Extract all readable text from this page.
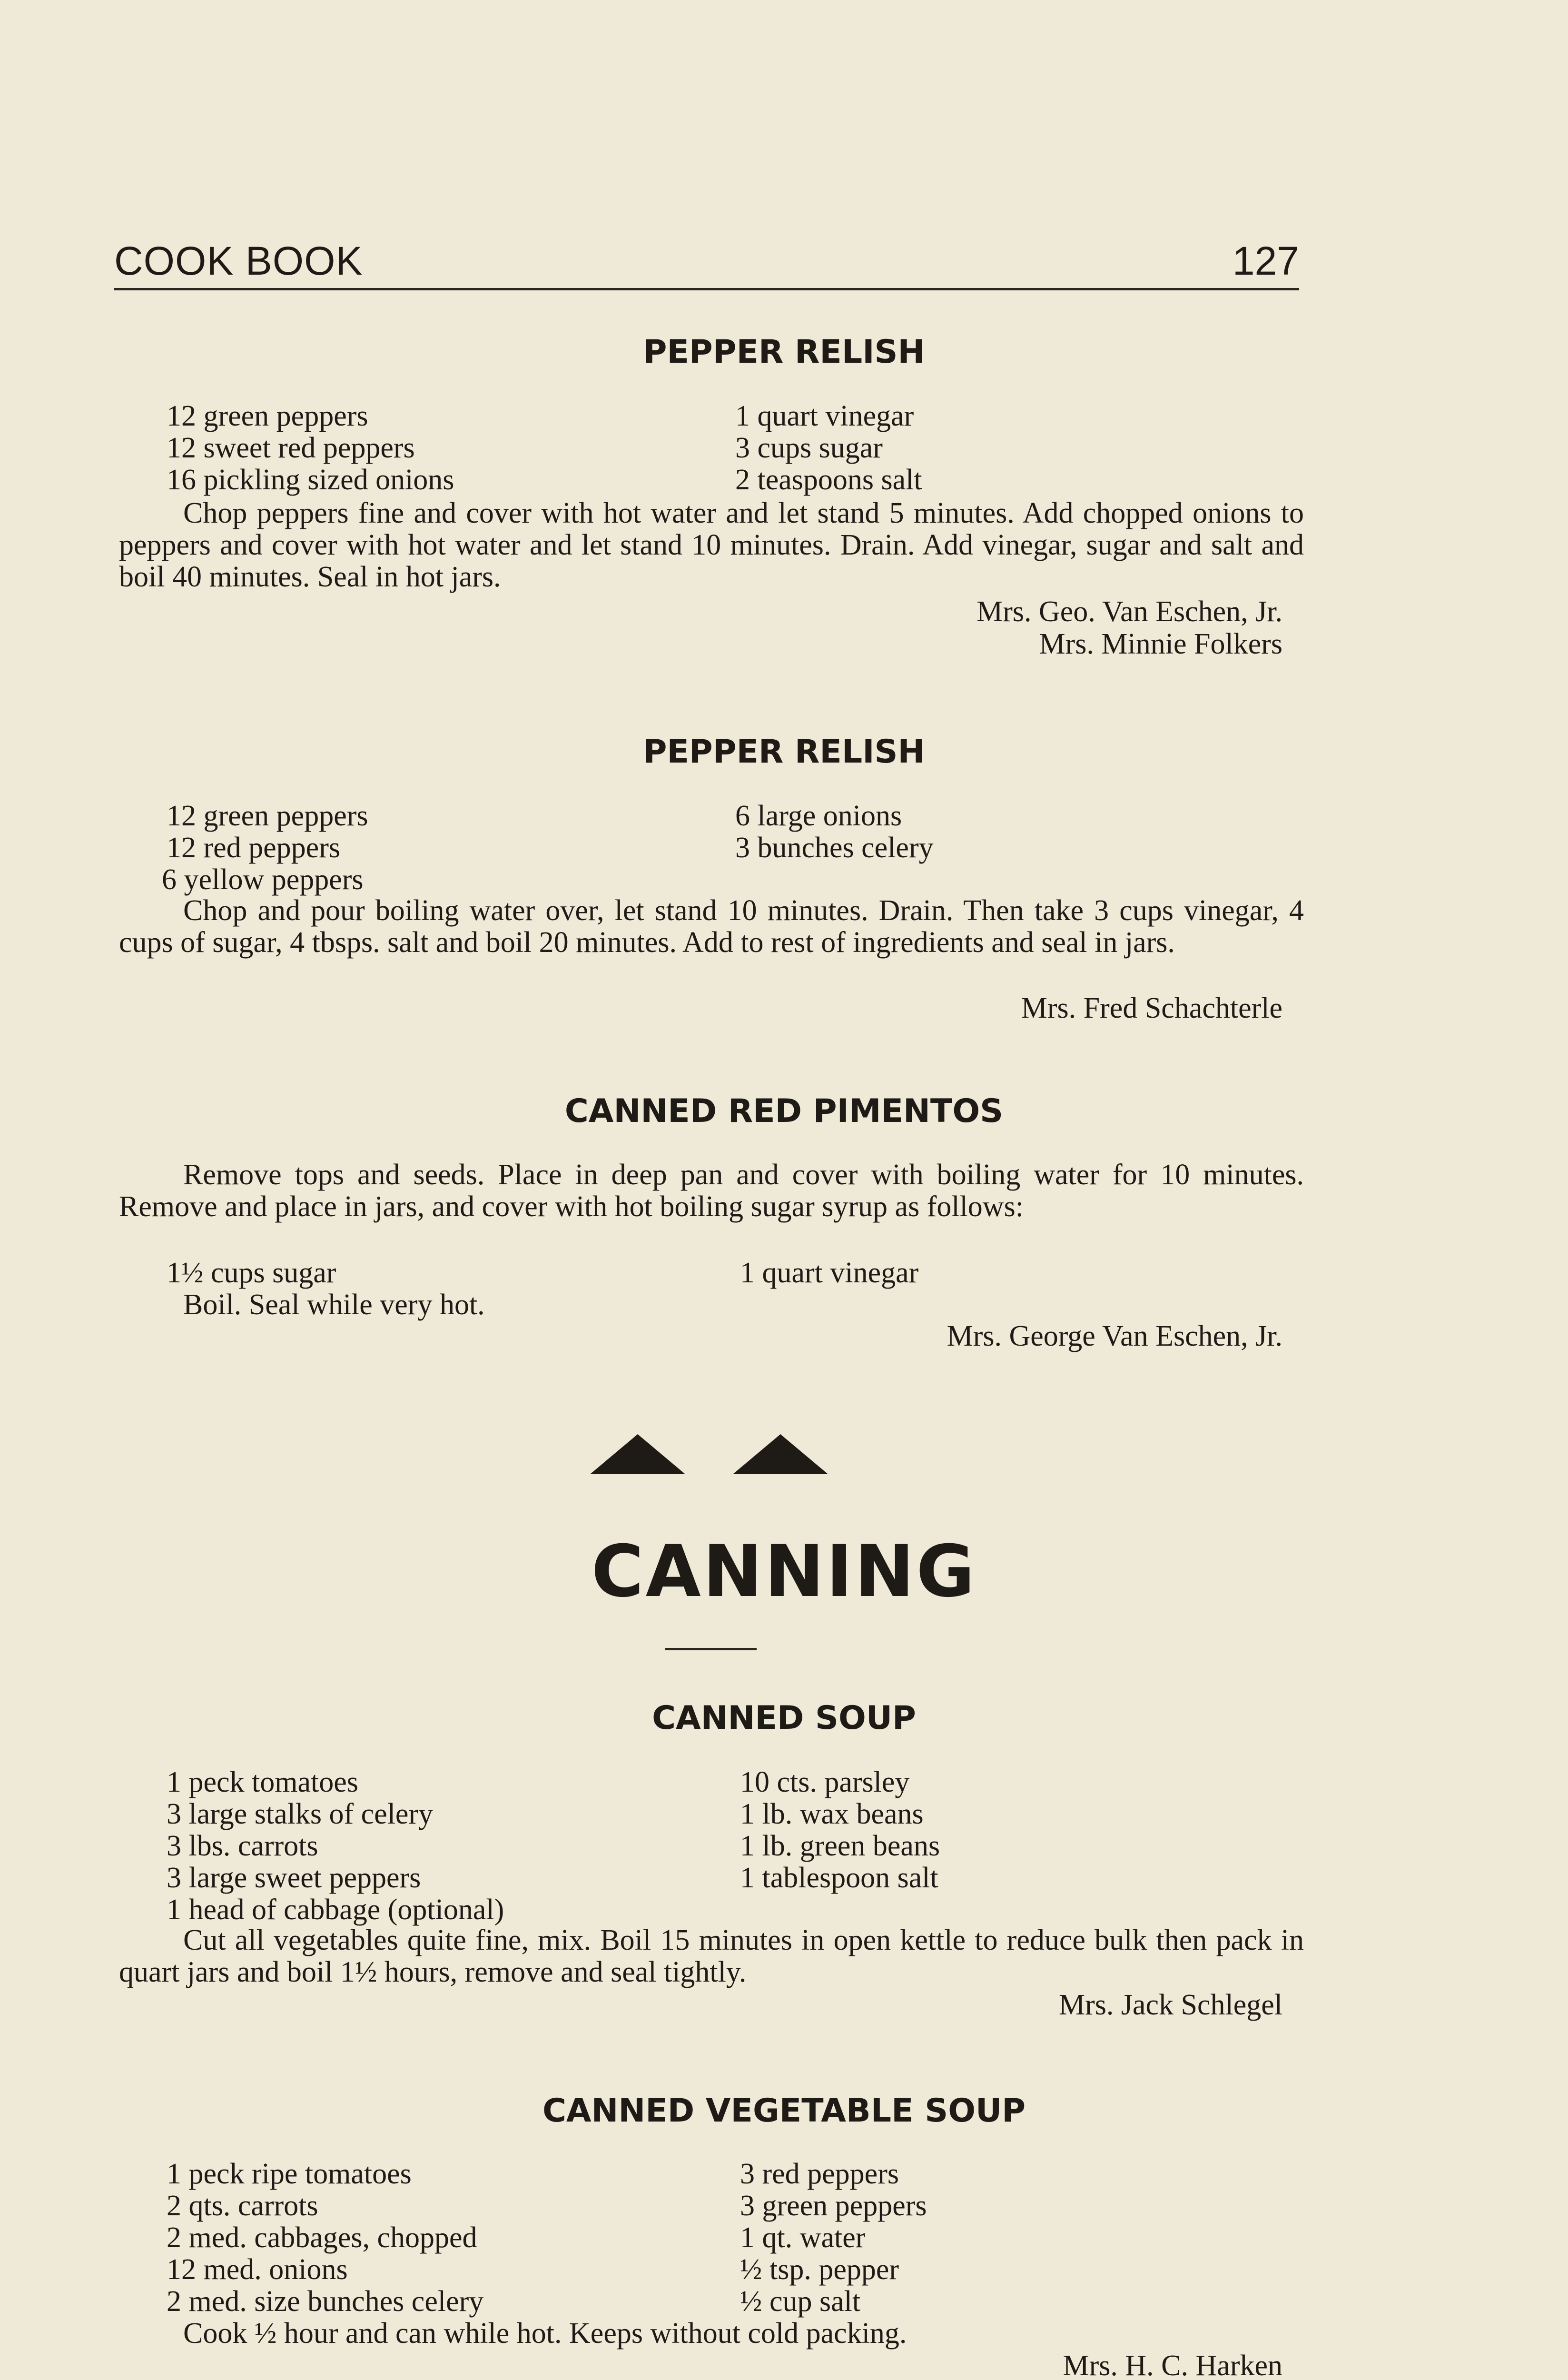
COOK BOOK	127
PEPPER RELISH
12 green peppers
12 sweet red peppers
16 pickling sized onions
1 quart vinegar
3 cups sugar
2 teaspoons salt
Chop peppers fine and cover with hot water and let stand 5 minutes. Add chopped onions to peppers and cover with hot water and let stand 10 minutes. Drain. Add vinegar, sugar and salt and boil 40 minutes. Seal in hot jars.
Mrs. Geo. Van Eschen, Jr.
Mrs. Minnie Folkers
PEPPER RELISH
12 green peppers
12 red peppers
6 yellow peppers
6 large onions
3 bunches celery
Chop and pour boiling water over, let stand 10 minutes. Drain. Then take 3 cups vinegar, 4 cups of sugar, 4 tbsps. salt and boil 20 minutes. Add to rest of ingredients and seal in jars.
Mrs. Fred Schachterle
CANNED RED PIMENTOS
Remove tops and seeds. Place in deep pan and cover with boiling water for 10 minutes. Remove and place in jars, and cover with hot boiling sugar syrup as follows:
1½ cups sugar	1 quart vinegar
Boil. Seal while very hot.
Mrs. George Van Eschen, Jr.
CANNING
CANNED SOUP
1 peck tomatoes
3 large stalks of celery
3 lbs. carrots
3 large sweet peppers
1 head of cabbage (optional)
10 cts. parsley
1 lb. wax beans
1 lb. green beans
1 tablespoon salt
Cut all vegetables quite fine, mix. Boil 15 minutes in open kettle to reduce bulk then pack in quart jars and boil 1½ hours, remove and seal tightly.
Mrs. Jack Schlegel
CANNED VEGETABLE SOUP
1 peck ripe tomatoes
2 qts. carrots
2 med. cabbages, chopped
12 med. onions
2 med. size bunches celery
3 red peppers
3 green peppers
1 qt. water
½ tsp. pepper
½ cup salt
Cook ½ hour and can while hot. Keeps without cold packing.
Mrs. H. C. Harken
